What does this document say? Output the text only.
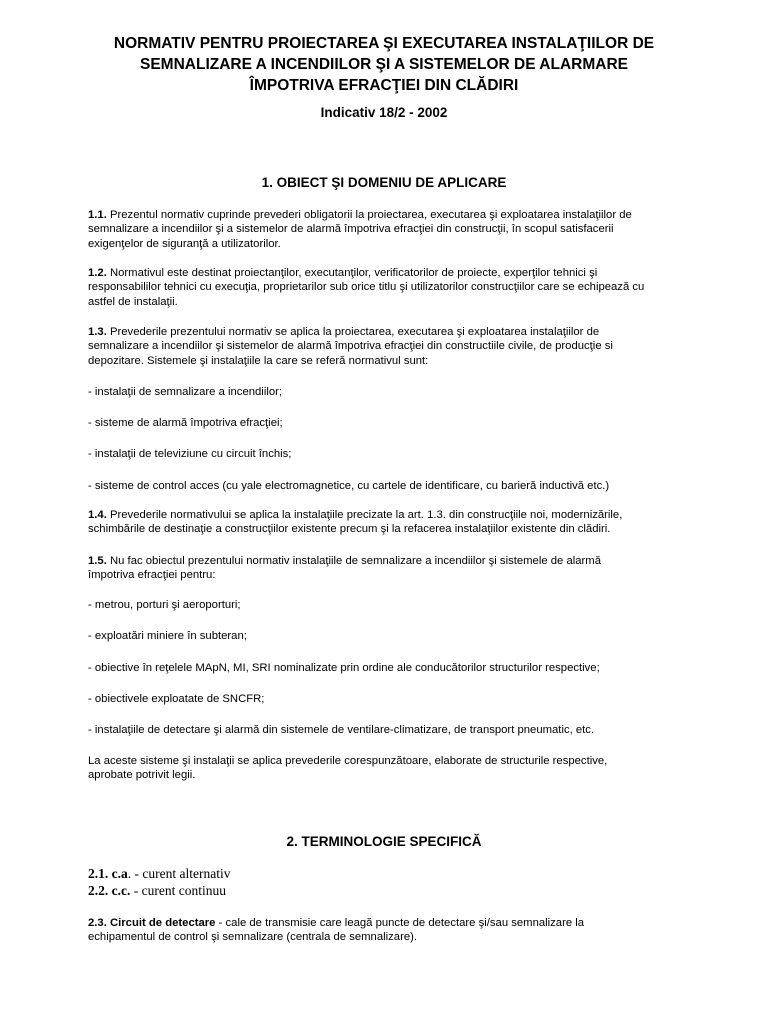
NORMATIV PENTRU PROIECTAREA ŞI EXECUTAREA INSTALAŢIILOR DE
SEMNALIZARE A INCENDIILOR ŞI A SISTEMELOR DE ALARMARE
ÎMPOTRIVA EFRACŢIEI DIN CLĂDIRI
Indicativ 18/2 - 2002
1. OBIECT ŞI DOMENIU DE APLICARE
1.1. Prezentul normativ cuprinde prevederi obligatorii la proiectarea, executarea şi exploatarea instalaţiilor de
semnalizare a incendiilor şi a sistemelor de alarmă împotriva efracţiei din construcţii, în scopul satisfacerii
exigenţelor de siguranţă a utilizatorilor.
1.2. Normativul este destinat proiectanţilor, executanţilor, verificatorilor de proiecte, experţilor tehnici şi
responsabililor tehnici cu execuţia, proprietarilor sub orice titlu şi utilizatorilor construcţiilor care se echipează cu
astfel de instalaţii.
1.3. Prevederile prezentului normativ se aplica la proiectarea, executarea şi exploatarea instalaţiilor de
semnalizare a incendiilor şi sistemelor de alarmă împotriva efracţiei din constructiile civile, de producţie si
depozitare. Sistemele şi instalaţiile la care se referă normativul sunt:
- instalaţii de semnalizare a incendiilor;
- sisteme de alarmă împotriva efracţiei;
- instalaţii de televiziune cu circuit închis;
- sisteme de control acces (cu yale electromagnetice, cu cartele de identificare, cu barieră inductivă etc.)
1.4. Prevederile normativului se aplica la instalaţiile precizate la art. 1.3. din construcţiile noi, modernizările,
schimbările de destinaţie a construcţiilor existente precum şi la refacerea instalaţiilor existente din clădiri.
1.5. Nu fac obiectul prezentului normativ instalaţiile de semnalizare a incendiilor şi sistemele de alarmă
împotriva efracţiei pentru:
- metrou, porturi şi aeroporturi;
- exploatări miniere în subteran;
- obiective în reţelele MApN, MI, SRI nominalizate prin ordine ale conducătorilor structurilor respective;
- obiectivele exploatate de SNCFR;
- instalaţiile de detectare şi alarmă din sistemele de ventilare-climatizare, de transport pneumatic, etc.
La aceste sisteme şi instalaţii se aplica prevederile corespunzătoare, elaborate de structurile respective,
aprobate potrivit legii.
2. TERMINOLOGIE SPECIFICĂ
2.1. c.a. - curent alternativ
2.2. c.c. - curent continuu
2.3. Circuit de detectare - cale de transmisie care leagă puncte de detectare şi/sau semnalizare la
echipamentul de control şi semnalizare (centrala de semnalizare).
